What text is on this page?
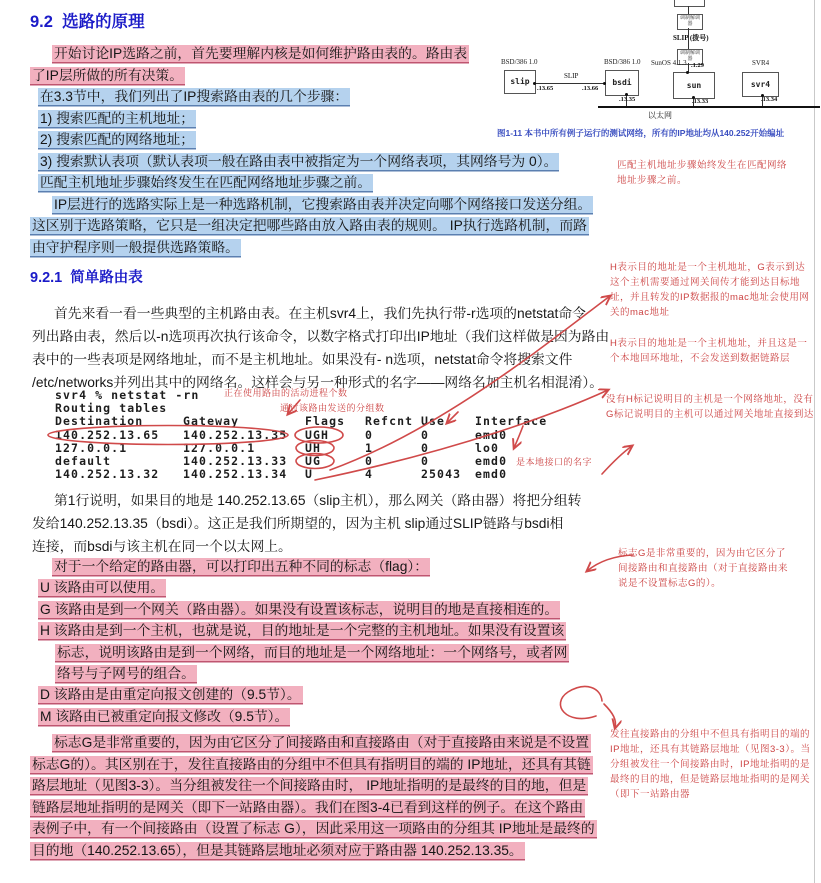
9.2  选路的原理
开始讨论IP选路之前，首先要理解内核是如何维护路由表的。路由表
了IP层所做的所有决策。
在3.3节中，我们列出了IP搜索路由表的几个步骤：
1) 搜索匹配的主机地址；
2) 搜索匹配的网络地址；
3) 搜索默认表项（默认表项一般在路由表中被指定为一个网络表项，其网络号为 0）。
匹配主机地址步骤始终发生在匹配网络地址步骤之前。
IP层进行的选路实际上是一种选路机制，它搜索路由表并决定向哪个网络接口发送分组。
这区别于选路策略，它只是一组决定把哪些路由放入路由表的规则。 IP执行选路机制，而路
由守护程序则一般提供选路策略。
9.2.1  简单路由表
首先来看一看一些典型的主机路由表。在主机svr4上，我们先执行带-r选项的netstat命令
列出路由表，然后以-n选项再次执行该命令，以数字格式打印出IP地址（我们这样做是因为路由
表中的一些表项是网络地址，而不是主机地址。如果没有- n选项，netstat命令将搜索文件
/etc/networks并列出其中的网络名。这样会与另一种形式的名字——网络名加主机名相混淆）。
svr4 % netstat -rn
Routing tables
Destination	Gateway	Flags Refcnt Use	Interface
140.252.13.65 140.252.13.35 UGH	0	0	emd0
127.0.0.1	127.0.0.1	UH	1	0	lo0
default	140.252.13.33 UG	0	0	emd0
140.252.13.32 140.252.13.34 U	4	25043 emd0
第1行说明，如果目的地是 140.252.13.65（slip主机），那么网关（路由器）将把分组转
发给140.252.13.35（bsdi）。这正是我们所期望的，因为主机 slip通过SLIP链路与bsdi相
连接，而bsdi与该主机在同一个以太网上。
对于一个给定的路由器，可以打印出五种不同的标志（flag）：
U 该路由可以使用。
G 该路由是到一个网关（路由器）。如果没有设置该标志，说明目的地是直接相连的。
H 该路由是到一个主机，也就是说，目的地址是一个完整的主机地址。如果没有设置该
标志，说明该路由是到一个网络，而目的地址是一个网络地址：一个网络号，或者网
络号与子网号的组合。
D 该路由是由重定向报文创建的（9.5节）。
M 该路由已被重定向报文修改（9.5节）。
标志G是非常重要的，因为由它区分了间接路由和直接路由（对于直接路由来说是不设置
标志G的）。其区别在于，发往直接路由的分组中不但具有指明目的端的 IP地址，还具有其链
路层地址（见图3-3）。当分组被发往一个间接路由时， IP地址指明的是最终的目的地，但是
链路层地址指明的是网关（即下一站路由器）。我们在图3-4已看到这样的例子。在这个路由
表例子中，有一个间接路由（设置了标志 G），因此采用这一项路由的分组其 IP地址是最终的
目的地（140.252.13.65），但是其链路层地址必须对应于路由器 140.252.13.35。
调制解调器
SLIP (拨号)
调制解调器
BSD/386 1.0	BSD/386 1.0 SunOS 4.1.3	SVR4
slip	bsdi	sun	svr4
SLIP
.13.65	.13.66
.1.29
.13.35	.13.33	.13.34
以太网
图1-11 本书中所有例子运行的测试网络，所有的IP地址均从140.252开始编址
匹配主机地址步骤始终发生在匹配网络地址步骤之前。
H表示目的地址是一个主机地址，G表示到达这个主机需要通过网关间传才能到达目标地址，并且转发的IP数据报的mac地址会使用网关的mac地址
H表示目的地址是一个主机地址，并且这是一个本地回环地址，不会发送到数据链路层
没有H标记说明目的主机是一个网络地址，没有G标记说明目的主机可以通过网关地址直接到达
标志G是非常重要的，因为由它区分了间接路由和直接路由（对于直接路由来说是不设置标志G的）。
发往直接路由的分组中不但具有指明目的端的IP地址，还具有其链路层地址（见图3-3）。当分组被发往一个间接路由时，IP地址指明的是最终的目的地，但是链路层地址指明的是网关（即下一站路由器
正在使用路由的活动进程个数
通过该路由发送的分组数
是本地接口的名字
